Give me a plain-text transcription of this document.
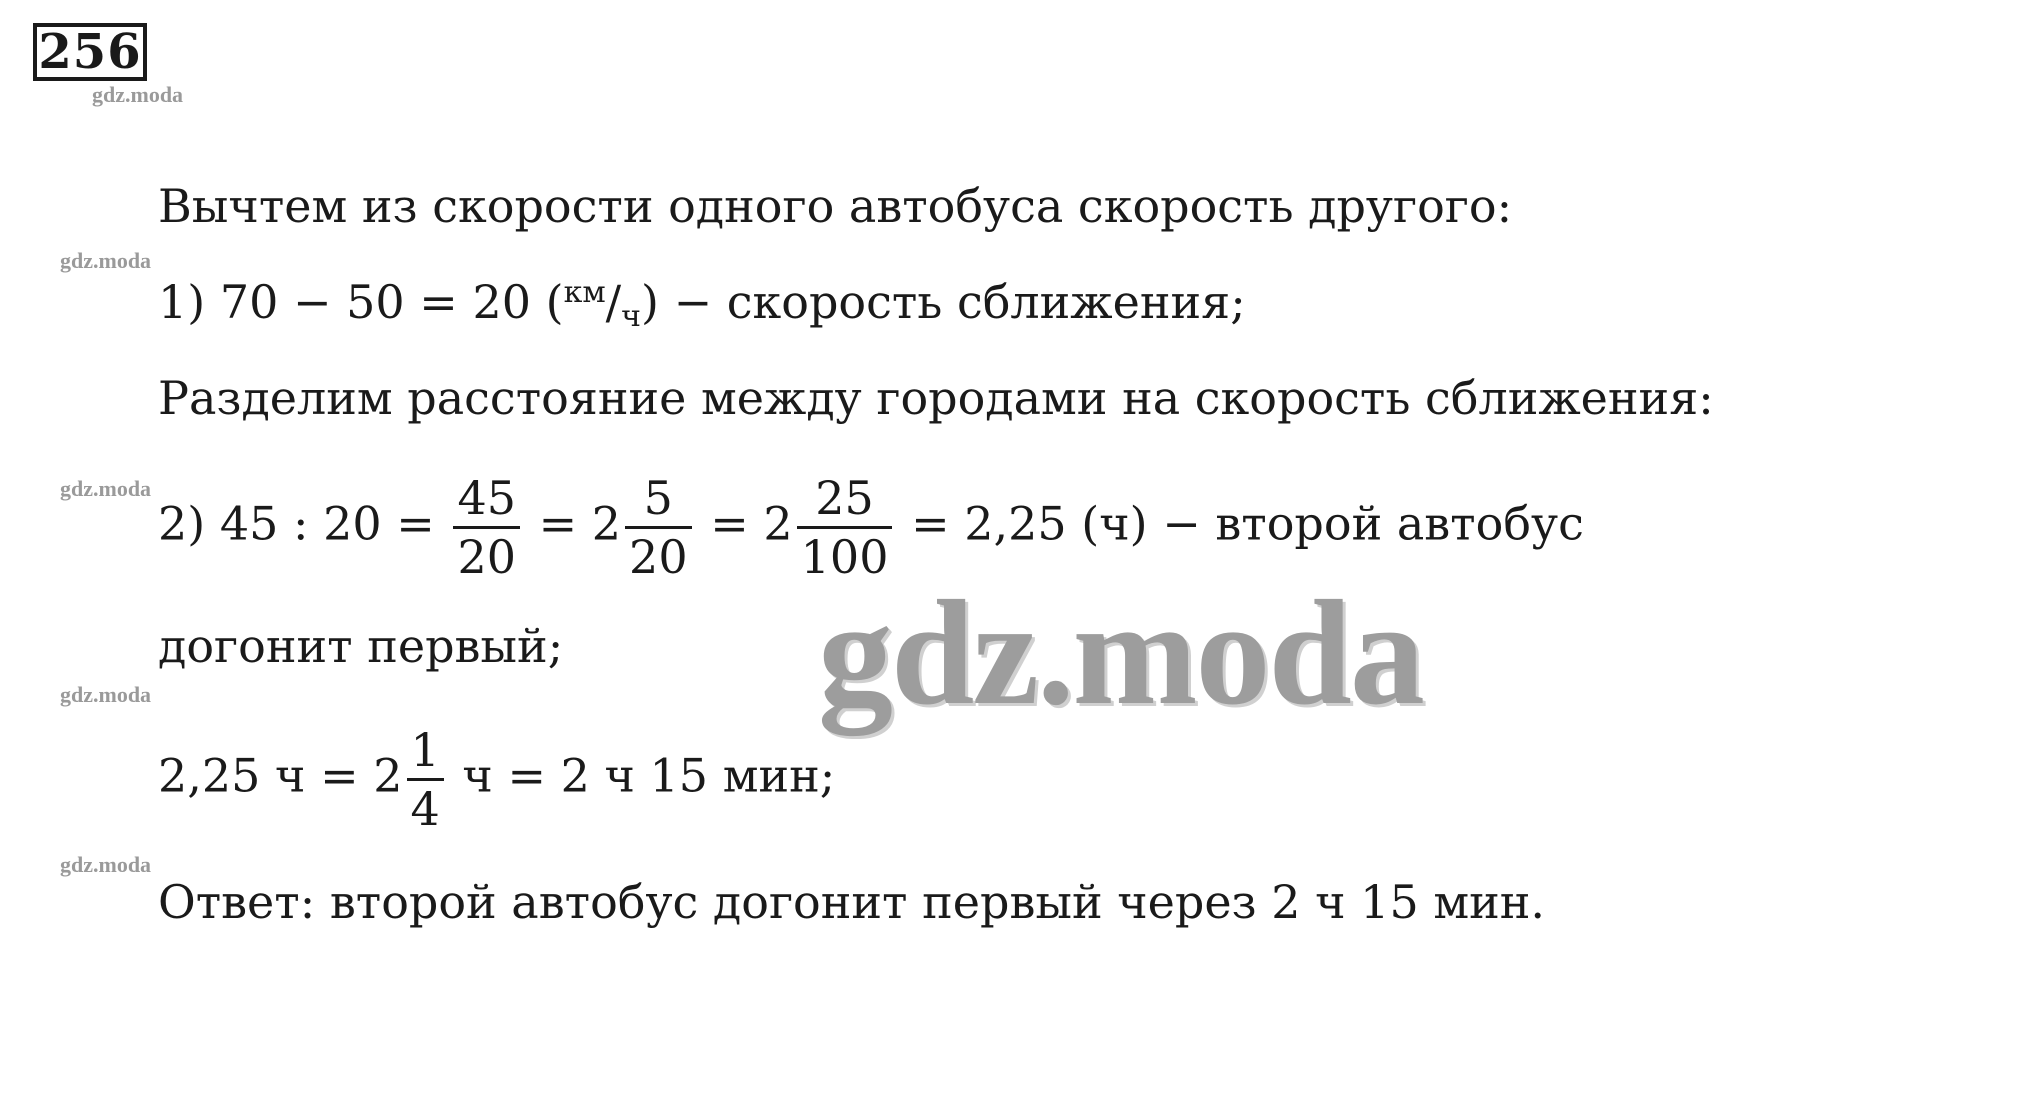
256
gdz.moda
gdz.moda
gdz.moda
gdz.moda
gdz.moda
Вычтем из скорости одного автобуса скорость другого:
1) 70 − 50 = 20 ($^{км}$/ч) − скорость сближения;
Разделим расстояние между городами на скорость сближения:
2) 45 : $20 = \frac{45}{20} = 2 \frac{5}{20} = 2 \frac{25}{100} = 2,25$ (ч) − второй автобус
догонит первый;
2,25 $ч = 2 \frac{1}{4}$ ч = 2 ч 15 мин;
Ответ: второй автобус догонит первый через 2 ч 15 мин.
gdz.moda
